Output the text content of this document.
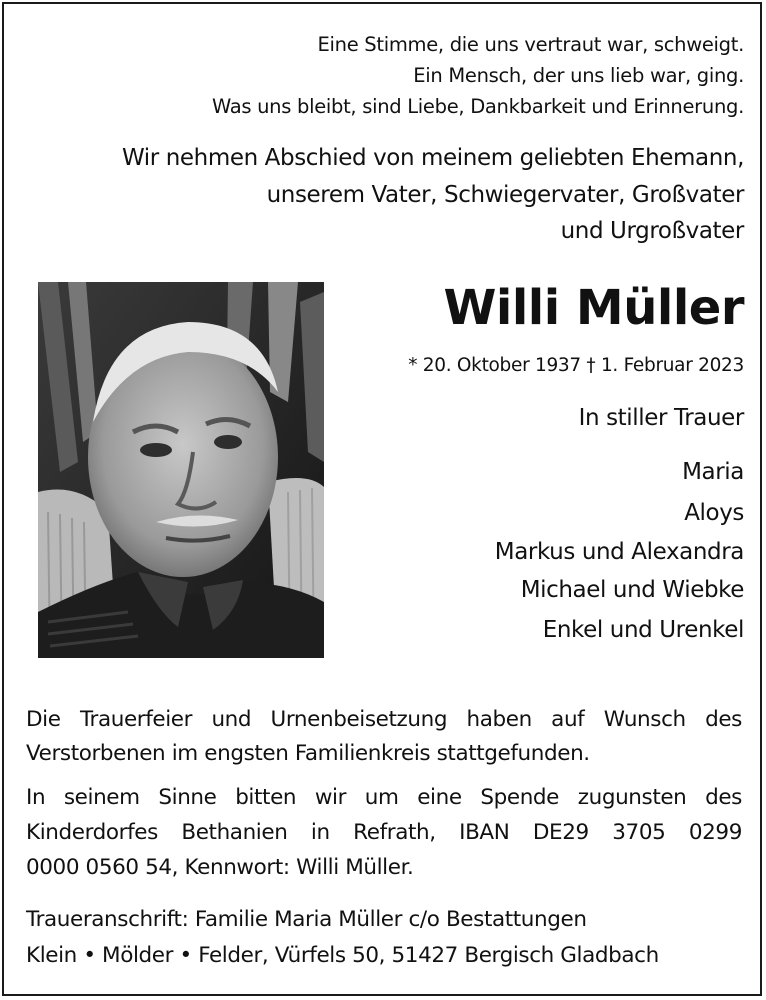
Eine Stimme, die uns vertraut war, schweigt.
Ein Mensch, der uns lieb war, ging.
Was uns bleibt, sind Liebe, Dankbarkeit und Erinnerung.
Wir nehmen Abschied von meinem geliebten Ehemann,
unserem Vater, Schwiegervater, Großvater
und Urgroßvater
Willi Müller
* 20. Oktober 1937 † 1. Februar 2023
In stiller Trauer
Maria
Aloys
Markus und Alexandra
Michael und Wiebke
Enkel und Urenkel
Die Trauerfeier und Urnenbeisetzung haben auf Wunsch des
Verstorbenen im engsten Familienkreis stattgefunden.
In seinem Sinne bitten wir um eine Spende zugunsten des
Kinderdorfes Bethanien in Refrath, IBAN DE29 3705 0299
0000 0560 54, Kennwort: Willi Müller.
Traueranschrift: Familie Maria Müller c/o Bestattungen
Klein • Mölder • Felder, Vürfels 50, 51427 Bergisch Gladbach
